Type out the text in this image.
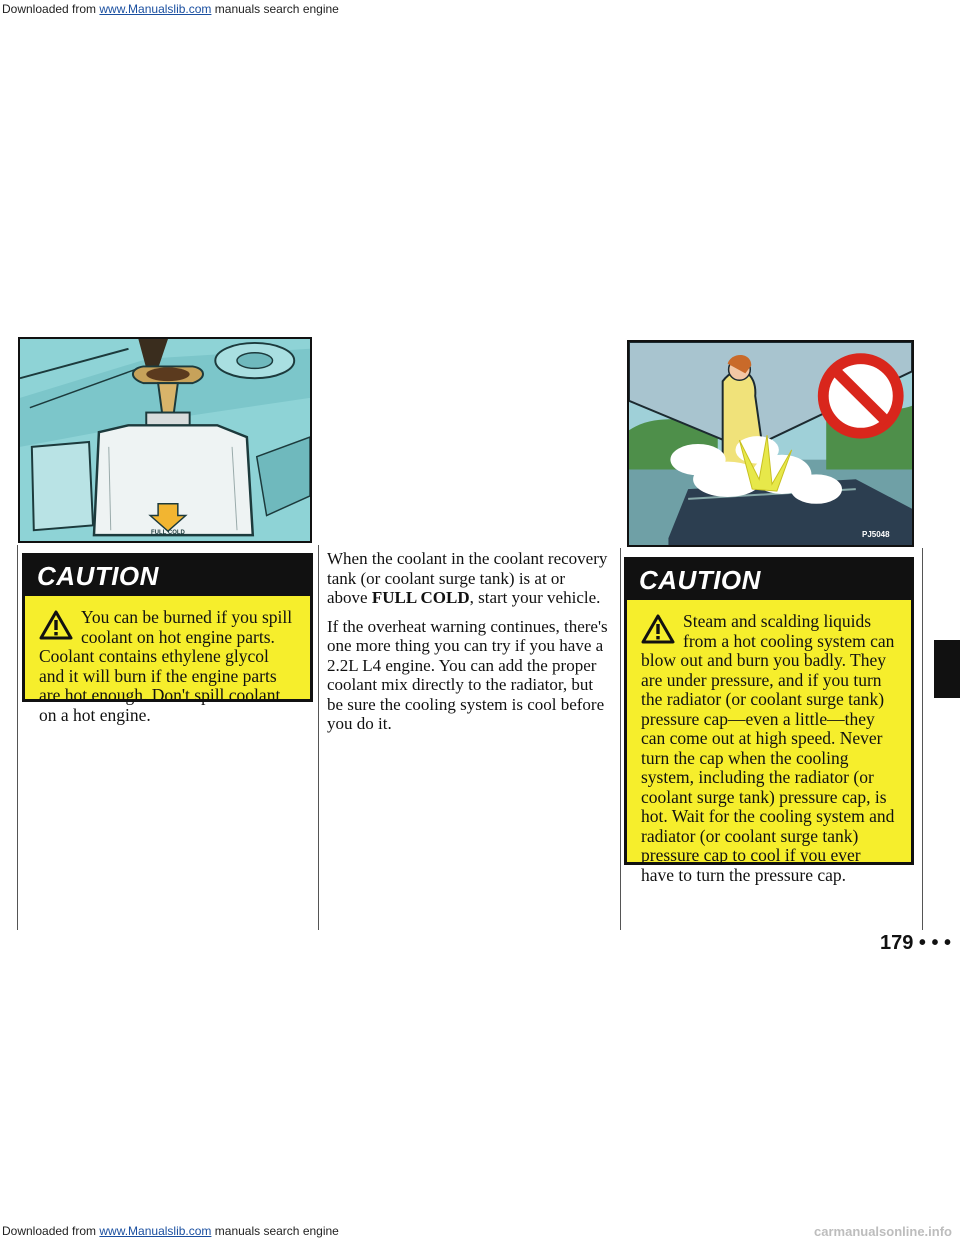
Downloaded from www.Manualslib.com manuals search engine
FULL COLD	PJ5048
CAUTION
You can be burned if you spill coolant on hot engine parts. Coolant contains ethylene glycol and it will burn if the engine parts are hot enough. Don't spill coolant on a hot engine.

When the coolant in the coolant recovery tank (or coolant surge tank) is at or above FULL COLD, start your vehicle.

If the overheat warning continues, there's one more thing you can try if you have a 2.2L L4 engine. You can add the proper coolant mix directly to the radiator, but be sure the cooling system is cool before you do it.

CAUTION
Steam and scalding liquids from a hot cooling system can blow out and burn you badly. They are under pressure, and if you turn the radiator (or coolant surge tank) pressure cap—even a little—they can come out at high speed. Never turn the cap when the cooling system, including the radiator (or coolant surge tank) pressure cap, is hot. Wait for the cooling system and radiator (or coolant surge tank) pressure cap to cool if you ever have to turn the pressure cap.
179 • • •
Downloaded from www.Manualslib.com manuals search engine	carmanualsonline.info
